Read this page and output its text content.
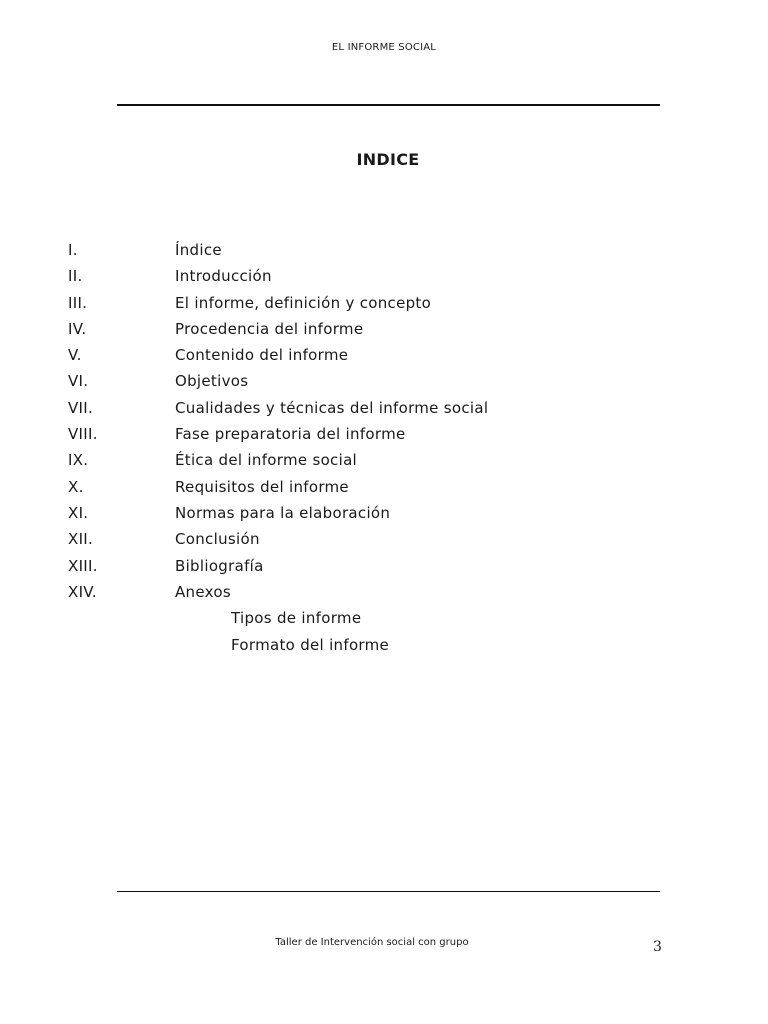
EL INFORME SOCIAL
INDICE
I.	Índice
II.	Introducción
III.	El informe, definición y concepto
IV.	Procedencia del informe
V.	Contenido del informe
VI.	Objetivos
VII.	Cualidades y técnicas del informe social
VIII.	Fase preparatoria del informe
IX.	Ética del informe social
X.	Requisitos del informe
XI.	Normas para la elaboración
XII.	Conclusión
XIII.	Bibliografía
XIV.	Anexos
Tipos de informe
Formato del informe
Taller de Intervención social con grupo	3
